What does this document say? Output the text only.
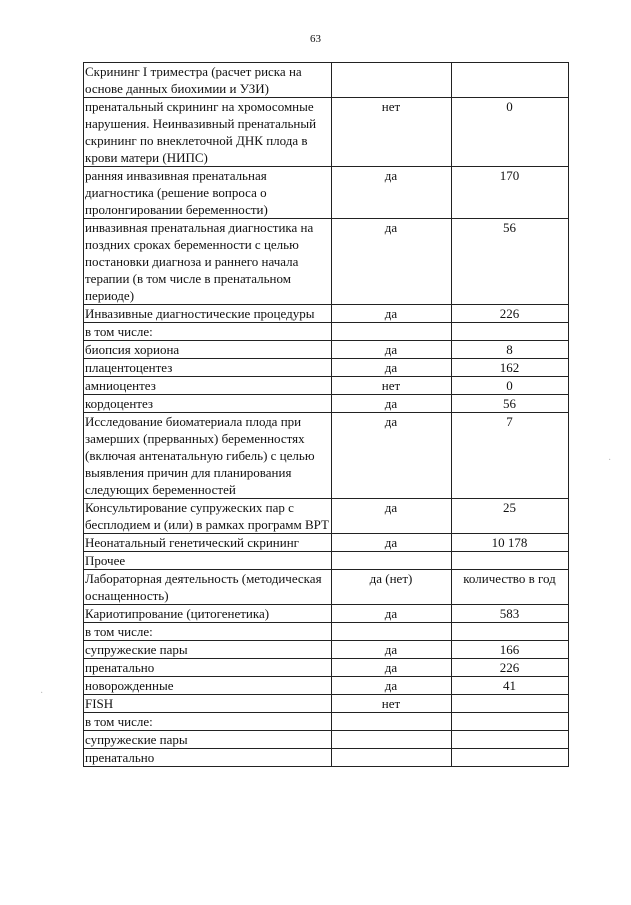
63
·
·
Скрининг I триместра (расчет риска на основе данных биохимии и УЗИ)		
пренатальный скрининг на хромосомные нарушения. Неинвазивный пренатальный скрининг по внеклеточной ДНК плода в крови матери (НИПС)	нет	0
ранняя инвазивная пренатальная диагностика (решение вопроса о пролонгировании беременности)	да	170
инвазивная пренатальная диагностика на поздних сроках беременности с целью постановки диагноза и раннего начала терапии (в том числе в пренатальном периоде)	да	56
Инвазивные диагностические процедуры	да	226
в том числе:		
биопсия хориона	да	8
плацентоцентез	да	162
амниоцентез	нет	0
кордоцентез	да	56
Исследование биоматериала плода при замерших (прерванных) беременностях (включая антенатальную гибель) с целью выявления причин для планирования следующих беременностей	да	7
Консультирование супружеских пар с бесплодием и (или) в рамках программ ВРТ	да	25
Неонатальный генетический скрининг	да	10 178
Прочее		
Лабораторная деятельность (методическая оснащенность)	да (нет)	количество в год
Кариотипрование (цитогенетика)	да	583
в том числе:		
супружеские пары	да	166
пренатально	да	226
новорожденные	да	41
FISH	нет	
в том числе:		
супружеские пары		
пренатально		
